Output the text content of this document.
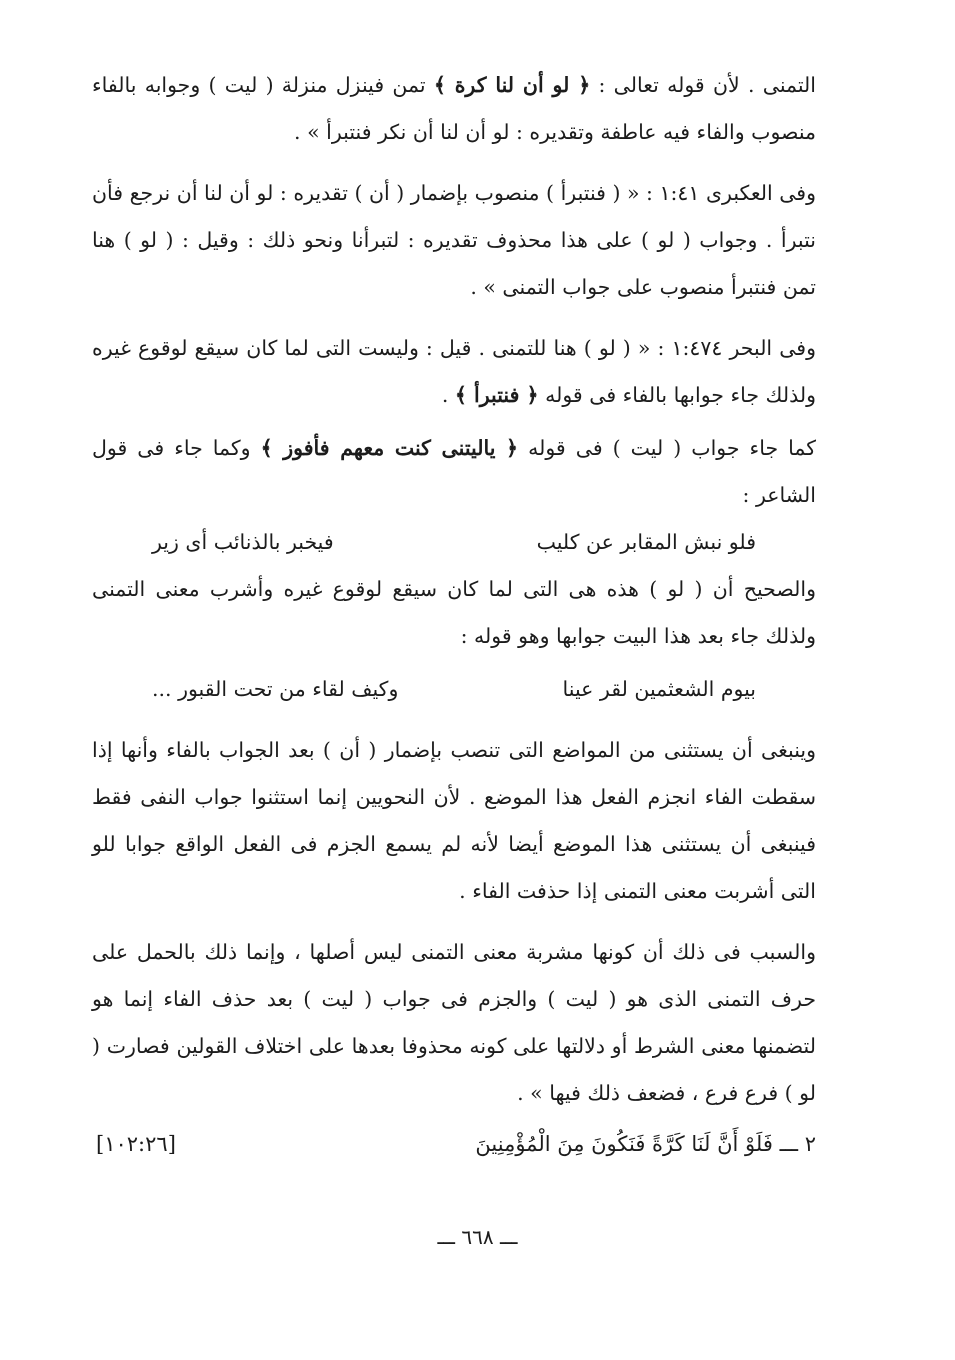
التمنى . لأن قوله تعالى : ﴿ لو أن لنا كرة ﴾ تمن فينزل منزلة ( ليت ) وجوابه بالفاء منصوب والفاء فيه عاطفة وتقديره : لو أن لنا أن نكر فنتبرأ » .

وفى العكبرى ١:٤١ : « ( فنتبرأ ) منصوب بإضمار ( أن ) تقديره : لو أن لنا أن نرجع فأن نتبرأ . وجواب ( لو ) على هذا محذوف تقديره : لتبرأنا ونحو ذلك : وقيل : ( لو ) هنا تمن فنتبرأ منصوب على جواب التمنى » .

وفى البحر ١:٤٧٤ : « ( لو ) هنا للتمنى . قيل : وليست التى لما كان سيقع لوقوع غيره ولذلك جاء جوابها بالفاء فى قوله ﴿ فنتبرأ ﴾ .

كما جاء جواب ( ليت ) فى قوله ﴿ ياليتنى كنت معهم فأفوز ﴾ وكما جاء فى قول الشاعر :

فلو نبش المقابر عن كليب
فيخبر بالذنائب أى زير

والصحيح أن ( لو ) هذه هى التى لما كان سيقع لوقوع غيره وأشرب معنى التمنى ولذلك جاء بعد هذا البيت جوابها وهو قوله :

بيوم الشعثمين لقر عينا
وكيف لقاء من تحت القبور ...

وينبغى أن يستثنى من المواضع التى تنصب بإضمار ( أن ) بعد الجواب بالفاء وأنها إذا سقطت الفاء انجزم الفعل هذا الموضع . لأن النحويين إنما استثنوا جواب النفى فقط فينبغى أن يستثنى هذا الموضع أيضا لأنه لم يسمع الجزم فى الفعل الواقع جوابا للو التى أشربت معنى التمنى إذا حذفت الفاء .

والسبب فى ذلك أن كونها مشربة معنى التمنى ليس أصلها ، وإنما ذلك بالحمل على حرف التمنى الذى هو ( ليت ) والجزم فى جواب ( ليت ) بعد حذف الفاء إنما هو لتضمنها معنى الشرط أو دلالتها على كونه محذوفا بعدها على اختلاف القولين فصارت ( لو ) فرع فرع ، فضعف ذلك فيها » .

٢ ـــ فَلَوْ أَنَّ لَنَا كَرَّةً فَنَكُونَ مِنَ الْمُؤْمِنِينَ
[١٠٢:٢٦]
ـــ ٦٦٨ ـــ
